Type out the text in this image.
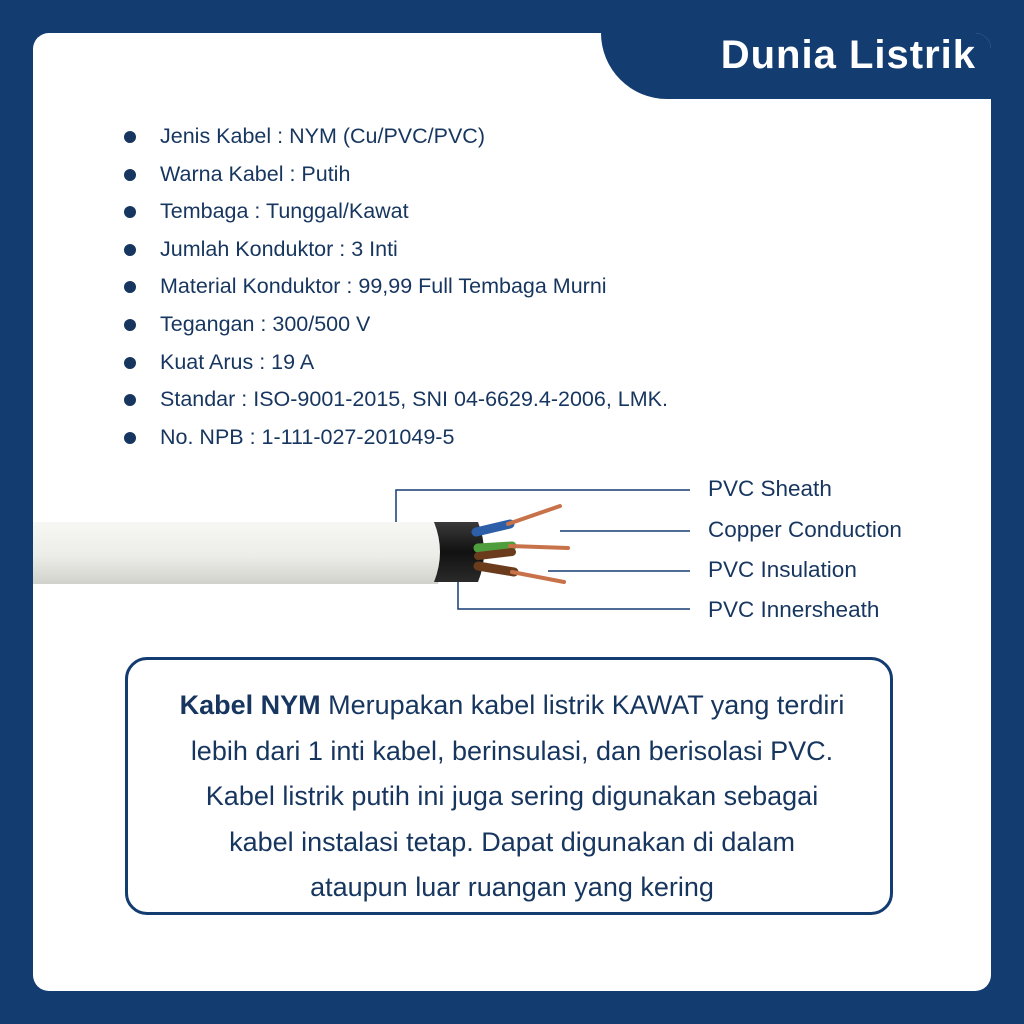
Dunia Listrik
Jenis Kabel : NYM (Cu/PVC/PVC)
Warna Kabel : Putih
Tembaga : Tunggal/Kawat
Jumlah Konduktor : 3 Inti
Material Konduktor : 99,99 Full Tembaga Murni
Tegangan : 300/500 V
Kuat Arus : 19 A
Standar : ISO-9001-2015, SNI 04-6629.4-2006, LMK.
No. NPB : 1-111-027-201049-5
PVC Sheath
Copper Conduction
PVC Insulation
PVC Innersheath

Kabel NYM Merupakan kabel listrik KAWAT yang terdiri
lebih dari 1 inti kabel, berinsulasi, dan berisolasi PVC.
Kabel listrik putih ini juga sering digunakan sebagai
kabel instalasi tetap. Dapat digunakan di dalam
ataupun luar ruangan yang kering
